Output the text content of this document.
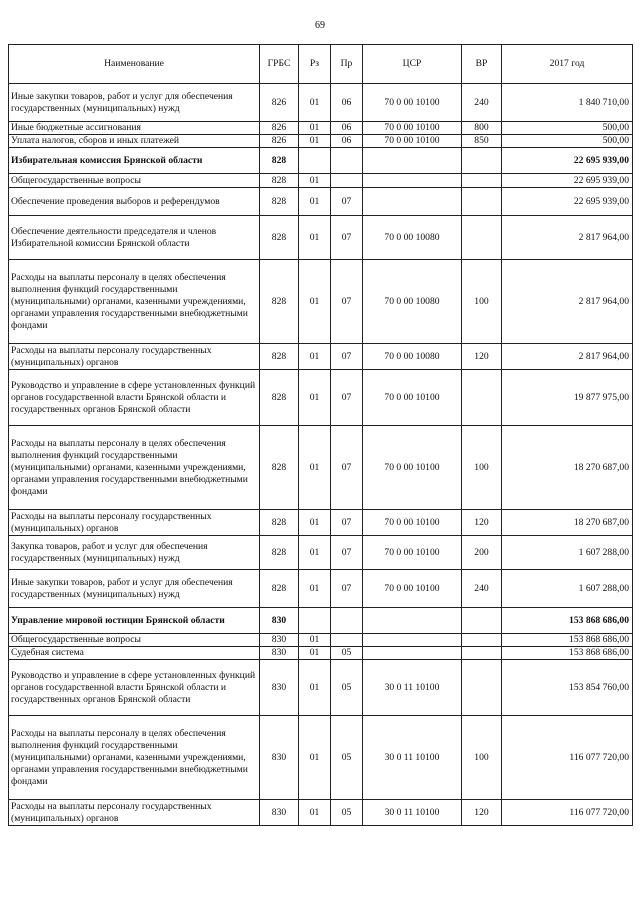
69
Наименование	ГРБС	Рз	Пр	ЦСР	ВР	2017 год
Иные закупки товаров, работ и услуг для обеспечения государственных (муниципальных) нужд	826	01	06	70 0 00 10100	240	1 840 710,00
Иные бюджетные ассигнования	826	01	06	70 0 00 10100	800	500,00
Уплата налогов, сборов и иных платежей	826	01	06	70 0 00 10100	850	500,00
Избирательная комиссия Брянской области	828					22 695 939,00
Общегосударственные вопросы	828	01				22 695 939,00
Обеспечение проведения выборов и референдумов	828	01	07			22 695 939,00
Обеспечение деятельности председателя и членов Избирательной комиссии Брянской области	828	01	07	70 0 00 10080		2 817 964,00
Расходы на выплаты персоналу в целях обеспечения выполнения функций государственными (муниципальными) органами, казенными учреждениями, органами управления государственными внебюджетными фондами	828	01	07	70 0 00 10080	100	2 817 964,00
Расходы на выплаты персоналу государственных (муниципальных) органов	828	01	07	70 0 00 10080	120	2 817 964,00
Руководство и управление в сфере установленных функций органов государственной власти Брянской области и государственных органов Брянской области	828	01	07	70 0 00 10100		19 877 975,00
Расходы на выплаты персоналу в целях обеспечения выполнения функций государственными (муниципальными) органами, казенными учреждениями, органами управления государственными внебюджетными фондами	828	01	07	70 0 00 10100	100	18 270 687,00
Расходы на выплаты персоналу государственных (муниципальных) органов	828	01	07	70 0 00 10100	120	18 270 687,00
Закупка товаров, работ и услуг для обеспечения государственных (муниципальных) нужд	828	01	07	70 0 00 10100	200	1 607 288,00
Иные закупки товаров, работ и услуг для обеспечения государственных (муниципальных) нужд	828	01	07	70 0 00 10100	240	1 607 288,00
Управление мировой юстиции Брянской области	830					153 868 686,00
Общегосударственные вопросы	830	01				153 868 686,00
Судебная система	830	01	05			153 868 686,00
Руководство и управление в сфере установленных функций органов государственной власти Брянской области и государственных органов Брянской области	830	01	05	30 0 11 10100		153 854 760,00
Расходы на выплаты персоналу в целях обеспечения выполнения функций государственными (муниципальными) органами, казенными учреждениями, органами управления государственными внебюджетными фондами	830	01	05	30 0 11 10100	100	116 077 720,00
Расходы на выплаты персоналу государственных (муниципальных) органов	830	01	05	30 0 11 10100	120	116 077 720,00
